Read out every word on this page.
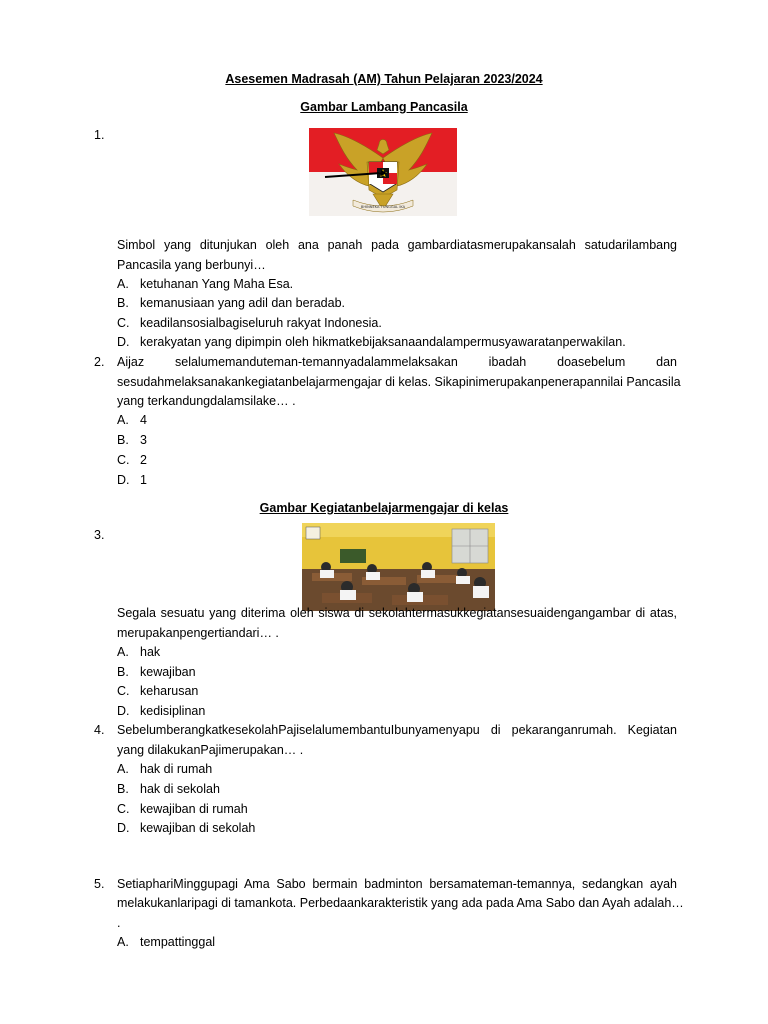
Asesemen Madrasah (AM) Tahun Pelajaran 2023/2024
Gambar Lambang Pancasila
1.
BHINNEKA TUNGGAL IKA
Simbol yang ditunjukan oleh ana panah pada gambardiatasmerupakansalah satudarilambang
Pancasila yang berbunyi…
A. ketuhanan Yang Maha Esa.
B. kemanusiaan yang adil dan beradab.
C. keadilansosialbagiseluruh rakyat Indonesia.
D. kerakyatan yang dipimpin oleh hikmatkebijaksanaandalampermusyawaratanperwakilan.
2. Aijaz selalumemanduteman-temannyadalammelaksakan ibadah doasebelum dan
sesudahmelaksanakankegiatanbelajarmengajar di kelas. Sikapinimerupakanpenerapannilai Pancasila
yang terkandungdalamsilake… .
A. 4
B. 3
C. 2
D. 1
Gambar Kegiatanbelajarmengajar di kelas
3.
Segala sesuatu yang diterima oleh siswa di sekolahtermasukkegiatansesuaidengangambar di atas,
merupakanpengertiandari… .
A. hak
B. kewajiban
C. keharusan
D. kedisiplinan
4. SebelumberangkatkesekolahPajiselalumembantuIbunyamenyapu di pekaranganrumah. Kegiatan
yang dilakukanPajimerupakan… .
A. hak di rumah
B. hak di sekolah
C. kewajiban di rumah
D. kewajiban di sekolah
5. SetiaphariMinggupagi Ama Sabo bermain badminton bersamateman-temannya, sedangkan ayah
melakukanlaripagi di tamankota. Perbedaankarakteristik yang ada pada Ama Sabo dan Ayah adalah…
.
A. tempattinggal
